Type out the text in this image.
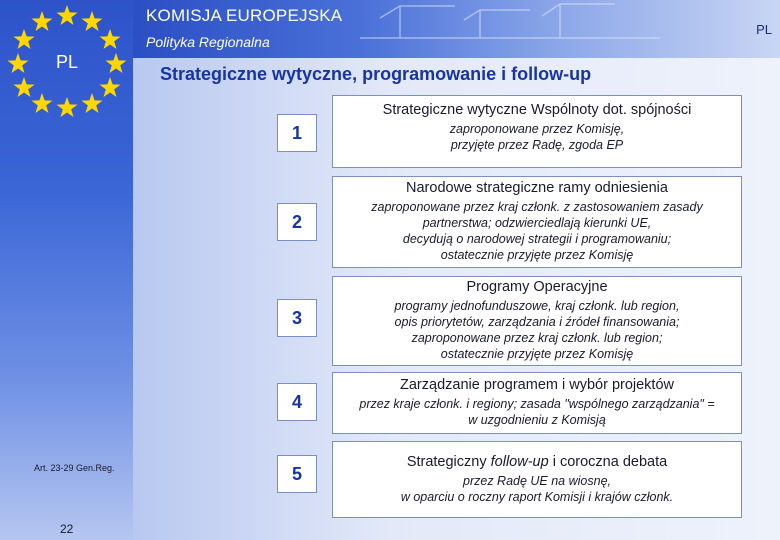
PL
KOMISJA EUROPEJSKA
Polityka Regionalna
PL
Strategiczne wytyczne, programowanie i follow-up
1
Strategiczne wytyczne Wspólnoty dot. spójności
zaproponowane przez Komisję,
przyjęte przez Radę, zgoda EP
2
Narodowe strategiczne ramy odniesienia
zaproponowane przez kraj członk. z zastosowaniem zasady
partnerstwa; odzwierciedlają kierunki UE,
decydują o narodowej strategii i programowaniu;
ostatecznie przyjęte przez Komisję
3
Programy Operacyjne
programy jednofunduszowe, kraj członk. lub region,
opis priorytetów, zarządzania i źródeł finansowania;
zaproponowane przez kraj członk. lub region;
ostatecznie przyjęte przez Komisję
4
Zarządzanie programem i wybór projektów
przez kraje członk. i regiony; zasada "wspólnego zarządzania" =
w uzgodnieniu z Komisją
5
Strategiczny follow-up i coroczna debata
przez Radę UE na wiosnę,
w oparciu o roczny raport Komisji i krajów członk.
Art. 23-29 Gen.Reg.
22
